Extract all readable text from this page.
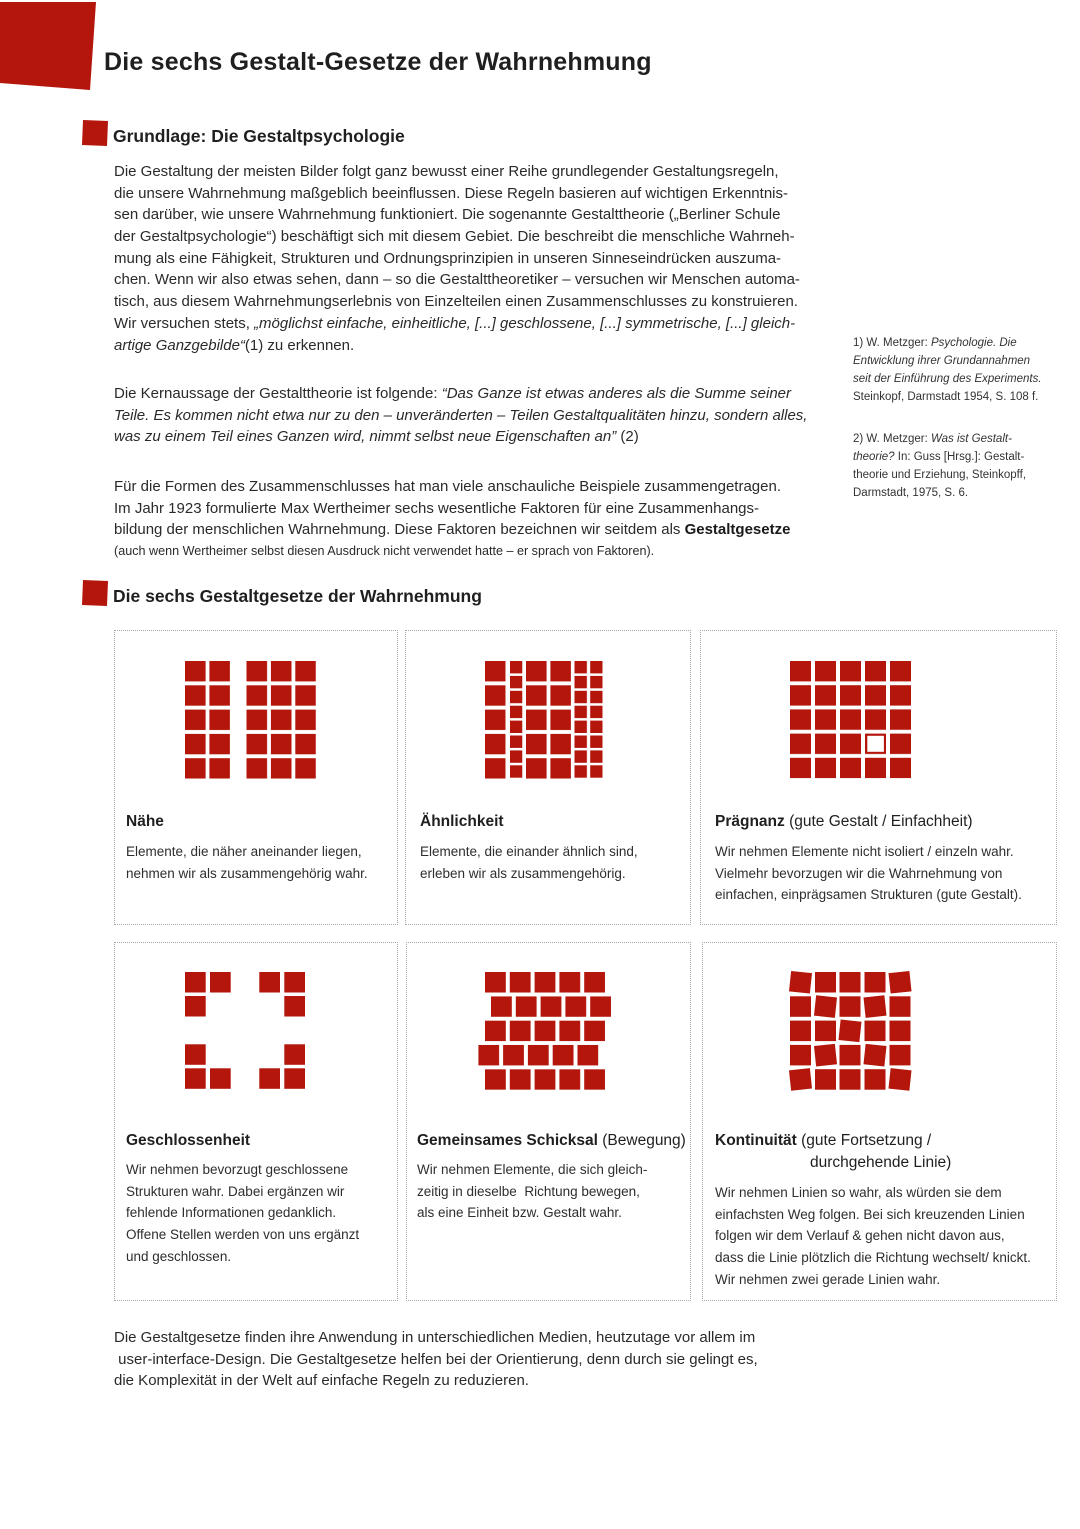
Die sechs Gestalt-Gesetze der Wahrnehmung
Grundlage: Die Gestaltpsychologie
Die Gestaltung der meisten Bilder folgt ganz bewusst einer Reihe grundlegender Gestaltungsregeln,
die unsere Wahrnehmung maßgeblich beeinflussen. Diese Regeln basieren auf wichtigen Erkenntnis-
sen darüber, wie unsere Wahrnehmung funktioniert. Die sogenannte Gestalttheorie („Berliner Schule
der Gestaltpsychologie“) beschäftigt sich mit diesem Gebiet. Die beschreibt die menschliche Wahrneh-
mung als eine Fähigkeit, Strukturen und Ordnungsprinzipien in unseren Sinneseindrücken auszuma-
chen. Wenn wir also etwas sehen, dann – so die Gestalttheoretiker – versuchen wir Menschen automa-
tisch, aus diesem Wahrnehmungserlebnis von Einzelteilen einen Zusammenschlusses zu konstruieren.
Wir versuchen stets, „möglichst einfache, einheitliche, [...] geschlossene, [...] symmetrische, [...] gleich-
artige Ganzgebilde“(1) zu erkennen.
Die Kernaussage der Gestalttheorie ist folgende: “Das Ganze ist etwas anderes als die Summe seiner
Teile. Es kommen nicht etwa nur zu den – unveränderten – Teilen Gestaltqualitäten hinzu, sondern alles,
was zu einem Teil eines Ganzen wird, nimmt selbst neue Eigenschaften an” (2)
Für die Formen des Zusammenschlusses hat man viele anschauliche Beispiele zusammengetragen.
Im Jahr 1923 formulierte Max Wertheimer sechs wesentliche Faktoren für eine Zusammenhangs-
bildung der menschlichen Wahrnehmung. Diese Faktoren bezeichnen wir seitdem als Gestaltgesetze
(auch wenn Wertheimer selbst diesen Ausdruck nicht verwendet hatte – er sprach von Faktoren).
1) W. Metzger: Psychologie. Die
Entwicklung ihrer Grundannahmen
seit der Einführung des Experiments.
Steinkopf, Darmstadt 1954, S. 108 f.
2) W. Metzger: Was ist Gestalt-
theorie? In: Guss [Hrsg.]: Gestalt-
theorie und Erziehung, Steinkopff,
Darmstadt, 1975, S. 6.
Die sechs Gestaltgesetze der Wahrnehmung
Nähe
Elemente, die näher aneinander liegen,
nehmen wir als zusammengehörig wahr.
Ähnlichkeit
Elemente, die einander ähnlich sind,
erleben wir als zusammengehörig.
Prägnanz (gute Gestalt / Einfachheit)
Wir nehmen Elemente nicht isoliert / einzeln wahr.
Vielmehr bevorzugen wir die Wahrnehmung von
einfachen, einprägsamen Strukturen (gute Gestalt).
Geschlossenheit
Wir nehmen bevorzugt geschlossene
Strukturen wahr. Dabei ergänzen wir
fehlende Informationen gedanklich.
Offene Stellen werden von uns ergänzt
und geschlossen.
Gemeinsames Schicksal (Bewegung)
Wir nehmen Elemente, die sich gleich-
zeitig in dieselbe  Richtung bewegen,
als eine Einheit bzw. Gestalt wahr.
Kontinuität (gute Fortsetzung /
durchgehende Linie)
Wir nehmen Linien so wahr, als würden sie dem
einfachsten Weg folgen. Bei sich kreuzenden Linien
folgen wir dem Verlauf & gehen nicht davon aus,
dass die Linie plötzlich die Richtung wechselt/ knickt.
Wir nehmen zwei gerade Linien wahr.
Die Gestaltgesetze finden ihre Anwendung in unterschiedlichen Medien, heutzutage vor allem im
user-interface-Design. Die Gestaltgesetze helfen bei der Orientierung, denn durch sie gelingt es,
die Komplexität in der Welt auf einfache Regeln zu reduzieren.
